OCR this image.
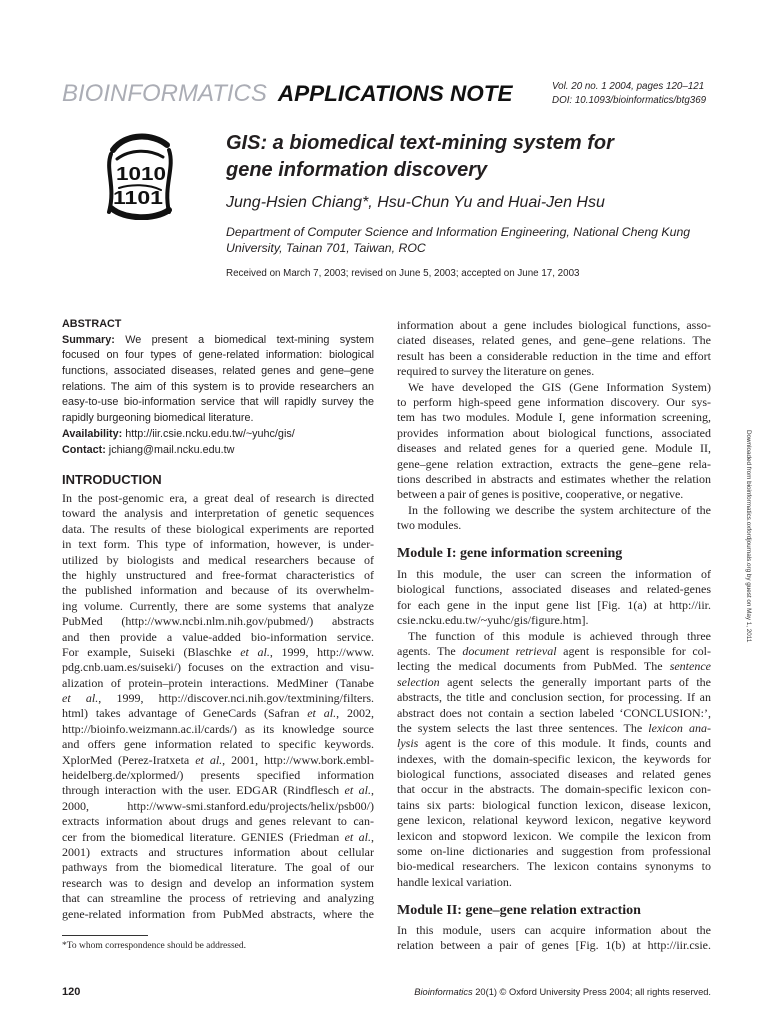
BIOINFORMATICS APPLICATIONS NOTE	Vol. 20 no. 1 2004, pages 120–121
DOI: 10.1093/bioinformatics/btg369
1010
1101
GIS: a biomedical text-mining system for
gene information discovery
Jung-Hsien Chiang*, Hsu-Chun Yu and Huai-Jen Hsu
Department of Computer Science and Information Engineering, National Cheng Kung
University, Tainan 701, Taiwan, ROC
Received on March 7, 2003; revised on June 5, 2003; accepted on June 17, 2003
ABSTRACT
Summary: We present a biomedical text-mining system
focused on four types of gene-related information: biological
functions, associated diseases, related genes and gene–gene
relations. The aim of this system is to provide researchers an
easy-to-use bio-information service that will rapidly survey the
rapidly burgeoning biomedical literature.
Availability: http://iir.csie.ncku.edu.tw/~yuhc/gis/
Contact: jchiang@mail.ncku.edu.tw
INTRODUCTION
In the post-genomic era, a great deal of research is directed
toward the analysis and interpretation of genetic sequences
data. The results of these biological experiments are reported
in text form. This type of information, however, is under-
utilized by biologists and medical researchers because of
the highly unstructured and free-format characteristics of
the published information and because of its overwhelm-
ing volume. Currently, there are some systems that analyze
PubMed (http://www.ncbi.nlm.nih.gov/pubmed/) abstracts
and then provide a value-added bio-information service.
For example, Suiseki (Blaschke et al., 1999, http://www.
pdg.cnb.uam.es/suiseki/) focuses on the extraction and visu-
alization of protein–protein interactions. MedMiner (Tanabe
et al., 1999, http://discover.nci.nih.gov/textmining/filters.
html) takes advantage of GeneCards (Safran et al., 2002,
http://bioinfo.weizmann.ac.il/cards/) as its knowledge source
and offers gene information related to specific keywords.
XplorMed (Perez-Iratxeta et al., 2001, http://www.bork.embl-
heidelberg.de/xplormed/) presents specified information
through interaction with the user. EDGAR (Rindflesch et al.,
2000, http://www-smi.stanford.edu/projects/helix/psb00/)
extracts information about drugs and genes relevant to can-
cer from the biomedical literature. GENIES (Friedman et al.,
2001) extracts and structures information about cellular
pathways from the biomedical literature. The goal of our
research was to design and develop an information system
that can streamline the process of retrieving and analyzing
gene-related information from PubMed abstracts, where the
information about a gene includes biological functions, asso-
ciated diseases, related genes, and gene–gene relations. The
result has been a considerable reduction in the time and effort
required to survey the literature on genes.
We have developed the GIS (Gene Information System)
to perform high-speed gene information discovery. Our sys-
tem has two modules. Module I, gene information screening,
provides information about biological functions, associated
diseases and related genes for a queried gene. Module II,
gene–gene relation extraction, extracts the gene–gene rela-
tions described in abstracts and estimates whether the relation
between a pair of genes is positive, cooperative, or negative.
In the following we describe the system architecture of the
two modules.
Module I: gene information screening
In this module, the user can screen the information of
biological functions, associated diseases and related-genes
for each gene in the input gene list [Fig. 1(a) at http://iir.
csie.ncku.edu.tw/~yuhc/gis/figure.htm].
The function of this module is achieved through three
agents. The document retrieval agent is responsible for col-
lecting the medical documents from PubMed. The sentence
selection agent selects the generally important parts of the
abstracts, the title and conclusion section, for processing. If an
abstract does not contain a section labeled ‘CONCLUSION:’,
the system selects the last three sentences. The lexicon ana-
lysis agent is the core of this module. It finds, counts and
indexes, with the domain-specific lexicon, the keywords for
biological functions, associated diseases and related genes
that occur in the abstracts. The domain-specific lexicon con-
tains six parts: biological function lexicon, disease lexicon,
gene lexicon, relational keyword lexicon, negative keyword
lexicon and stopword lexicon. We compile the lexicon from
some on-line dictionaries and suggestion from professional
bio-medical researchers. The lexicon contains synonyms to
handle lexical variation.
Module II: gene–gene relation extraction
In this module, users can acquire information about the
relation between a pair of genes [Fig. 1(b) at http://iir.csie.
*To whom correspondence should be addressed.
120	Bioinformatics 20(1) © Oxford University Press 2004; all rights reserved.
Downloaded from bioinformatics.oxfordjournals.org by guest on May 1, 2011
